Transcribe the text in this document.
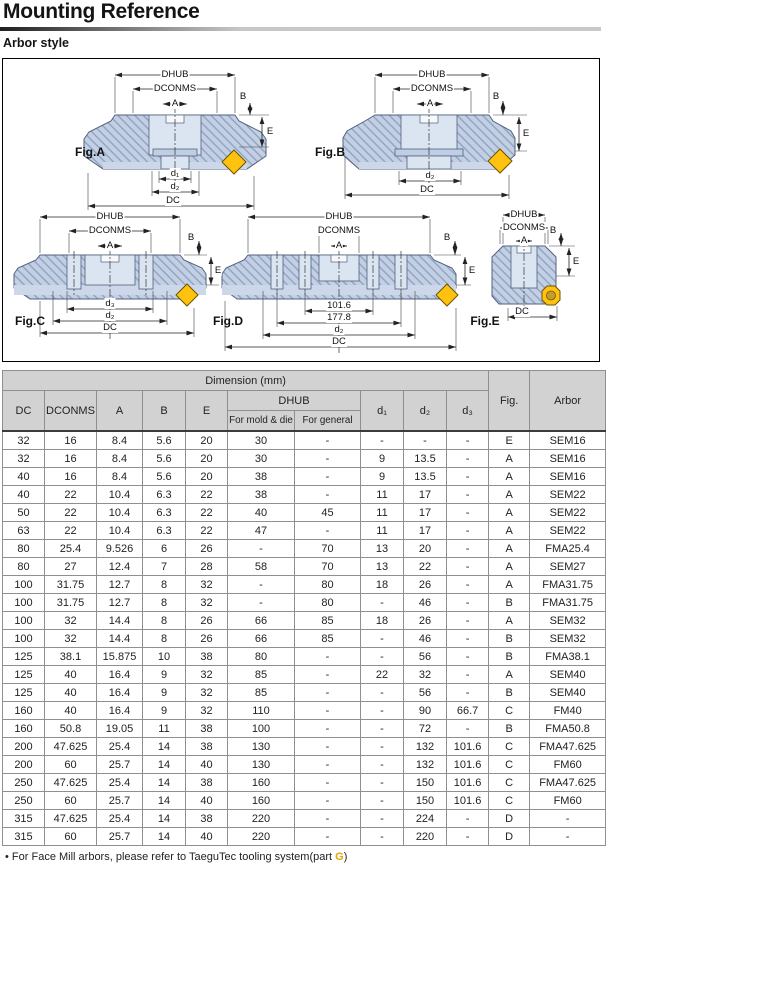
Mounting Reference
Arbor style
DHUB
DCONMS
A
B
E
d₁
d₂
DC
Fig.A
DHUB
DCONMS
A
B
E
d₂
DC
Fig.B
DHUB
DCONMS
A
B
E
d₃
d₂
DC
Fig.C
DHUB
DCONMS
A
B
E
101.6
177.8
d₂
DC
Fig.D
DHUB
DCONMS
A
B
E
DC
Fig.E
Dimension (mm)										Fig.	Arbor
DC	DCONMS	A	B	E	DHUB		d₁	d₂	d₃		
					For mold & die	For general					
32	16	8.4	5.6	20	30	-	-	-	-	E	SEM16
32	16	8.4	5.6	20	30	-	9	13.5	-	A	SEM16
40	16	8.4	5.6	20	38	-	9	13.5	-	A	SEM16
40	22	10.4	6.3	22	38	-	11	17	-	A	SEM22
50	22	10.4	6.3	22	40	45	11	17	-	A	SEM22
63	22	10.4	6.3	22	47	-	11	17	-	A	SEM22
80	25.4	9.526	6	26	-	70	13	20	-	A	FMA25.4
80	27	12.4	7	28	58	70	13	22	-	A	SEM27
100	31.75	12.7	8	32	-	80	18	26	-	A	FMA31.75
100	31.75	12.7	8	32	-	80	-	46	-	B	FMA31.75
100	32	14.4	8	26	66	85	18	26	-	A	SEM32
100	32	14.4	8	26	66	85	-	46	-	B	SEM32
125	38.1	15.875	10	38	80	-	-	56	-	B	FMA38.1
125	40	16.4	9	32	85	-	22	32	-	A	SEM40
125	40	16.4	9	32	85	-	-	56	-	B	SEM40
160	40	16.4	9	32	110	-	-	90	66.7	C	FM40
160	50.8	19.05	11	38	100	-	-	72	-	B	FMA50.8
200	47.625	25.4	14	38	130	-	-	132	101.6	C	FMA47.625
200	60	25.7	14	40	130	-	-	132	101.6	C	FM60
250	47.625	25.4	14	38	160	-	-	150	101.6	C	FMA47.625
250	60	25.7	14	40	160	-	-	150	101.6	C	FM60
315	47.625	25.4	14	38	220	-	-	224	-	D	-
315	60	25.7	14	40	220	-	-	220	-	D	-
• For Face Mill arbors, please refer to TaeguTec tooling system(part G)
